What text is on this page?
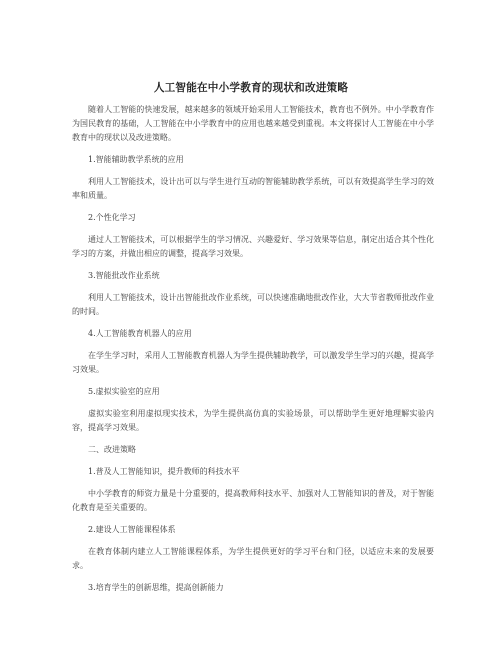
人工智能在中小学教育的现状和改进策略

随着人工智能的快速发展，越来越多的领域开始采用人工智能技术，教育也不例外。中小学教育作为国民教育的基础，人工智能在中小学教育中的应用也越来越受到重视。本文将探讨人工智能在中小学教育中的现状以及改进策略。

1.智能辅助教学系统的应用

利用人工智能技术，设计出可以与学生进行互动的智能辅助教学系统，可以有效提高学生学习的效率和质量。

2.个性化学习

通过人工智能技术，可以根据学生的学习情况、兴趣爱好、学习效果等信息，制定出适合其个性化学习的方案，并做出相应的调整，提高学习效果。

3.智能批改作业系统

利用人工智能技术，设计出智能批改作业系统，可以快速准确地批改作业，大大节省教师批改作业的时间。

4.人工智能教育机器人的应用

在学生学习时，采用人工智能教育机器人为学生提供辅助教学，可以激发学生学习的兴趣，提高学习效果。

5.虚拟实验室的应用

虚拟实验室利用虚拟现实技术，为学生提供高仿真的实验场景，可以帮助学生更好地理解实验内容，提高学习效果。

二、改进策略

1.普及人工智能知识，提升教师的科技水平

中小学教育的师资力量是十分重要的，提高教师科技水平、加强对人工智能知识的普及，对于智能化教育是至关重要的。

2.建设人工智能课程体系

在教育体制内建立人工智能课程体系，为学生提供更好的学习平台和门径，以适应未来的发展要求。

3.培育学生的创新思维，提高创新能力
